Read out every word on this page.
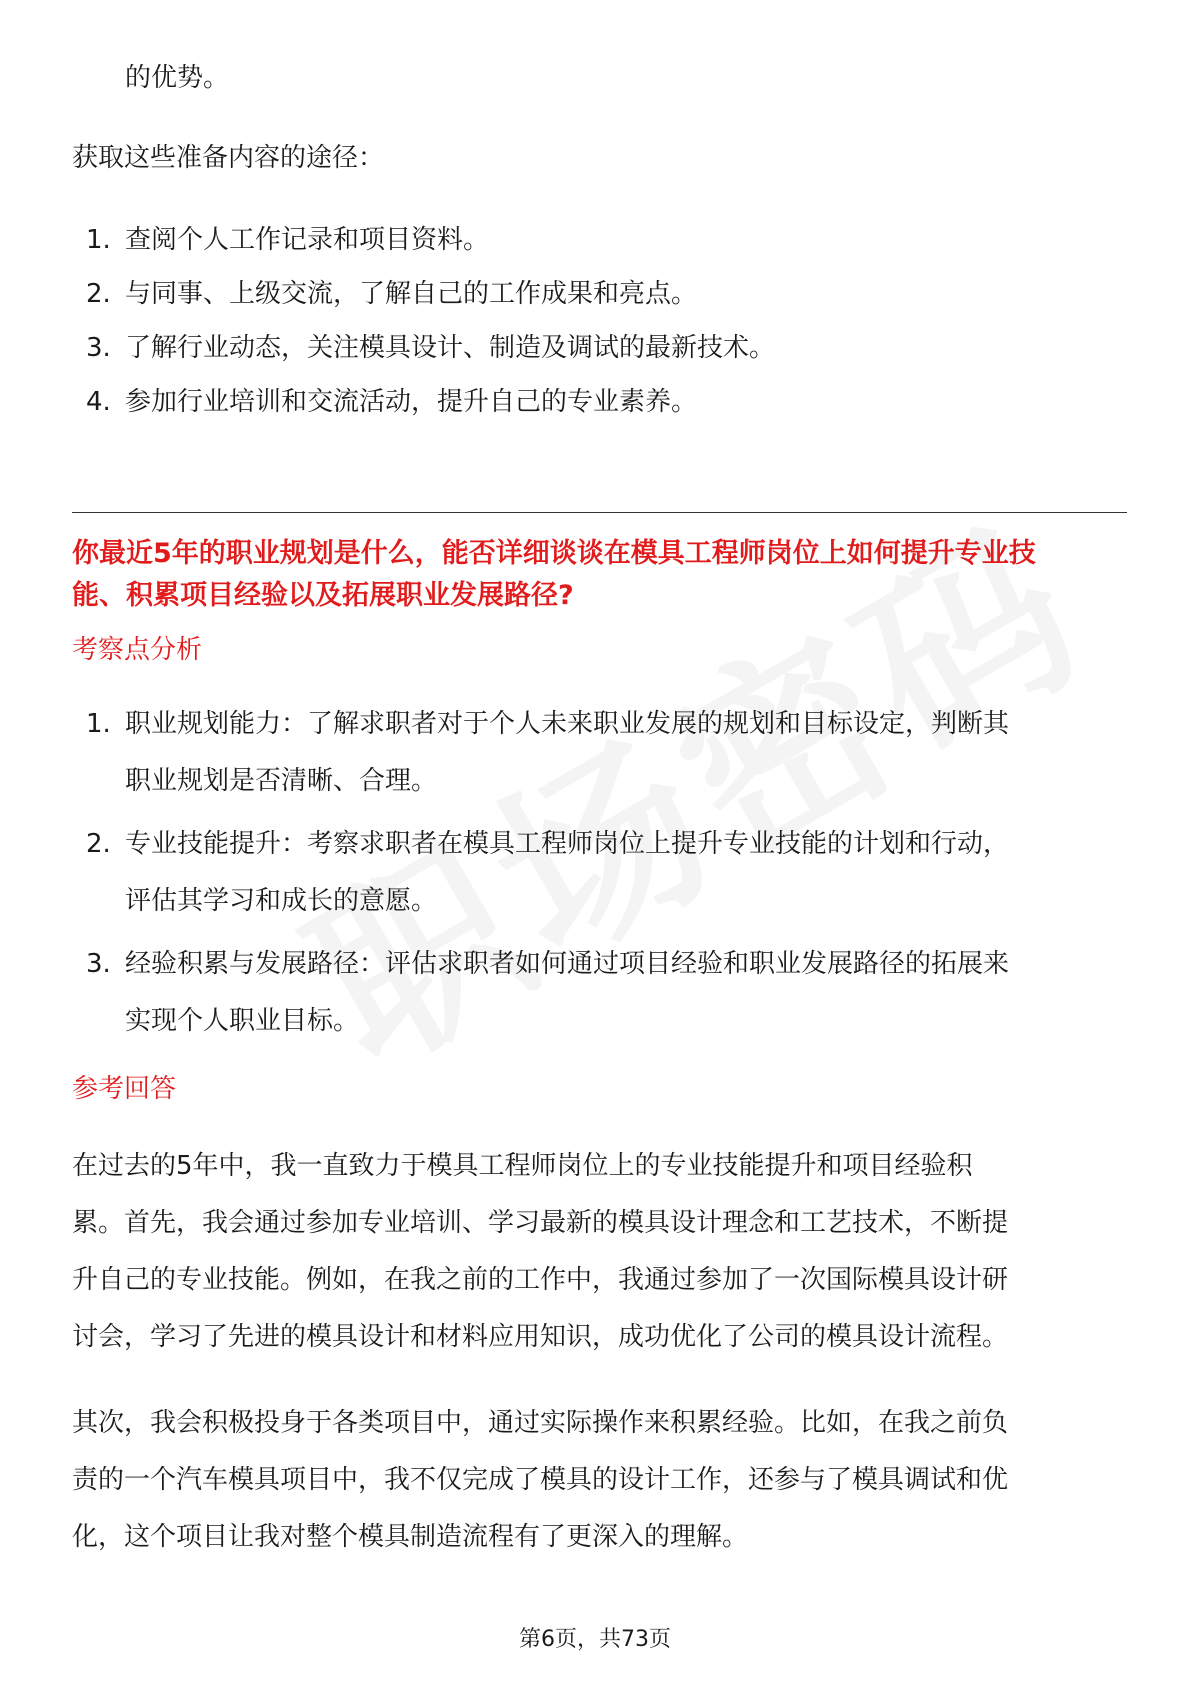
的优势。
获取这些准备内容的途径：
1. 查阅个人工作记录和项目资料。
2. 与同事、上级交流，了解自己的工作成果和亮点。
3. 了解行业动态，关注模具设计、制造及调试的最新技术。
4. 参加行业培训和交流活动，提升自己的专业素养。
你最近5年的职业规划是什么，能否详细谈谈在模具工程师岗位上如何提升专业技
能、积累项目经验以及拓展职业发展路径?
考察点分析
1. 职业规划能力：了解求职者对于个人未来职业发展的规划和目标设定，判断其
职业规划是否清晰、合理。
2. 专业技能提升：考察求职者在模具工程师岗位上提升专业技能的计划和行动，
评估其学习和成长的意愿。
3. 经验积累与发展路径：评估求职者如何通过项目经验和职业发展路径的拓展来
实现个人职业目标。
参考回答
在过去的5年中，我一直致力于模具工程师岗位上的专业技能提升和项目经验积
累。首先，我会通过参加专业培训、学习最新的模具设计理念和工艺技术，不断提
升自己的专业技能。例如，在我之前的工作中，我通过参加了一次国际模具设计研
讨会，学习了先进的模具设计和材料应用知识，成功优化了公司的模具设计流程。
其次，我会积极投身于各类项目中，通过实际操作来积累经验。比如，在我之前负
责的一个汽车模具项目中，我不仅完成了模具的设计工作，还参与了模具调试和优
化，这个项目让我对整个模具制造流程有了更深入的理解。
第6页，共73页
